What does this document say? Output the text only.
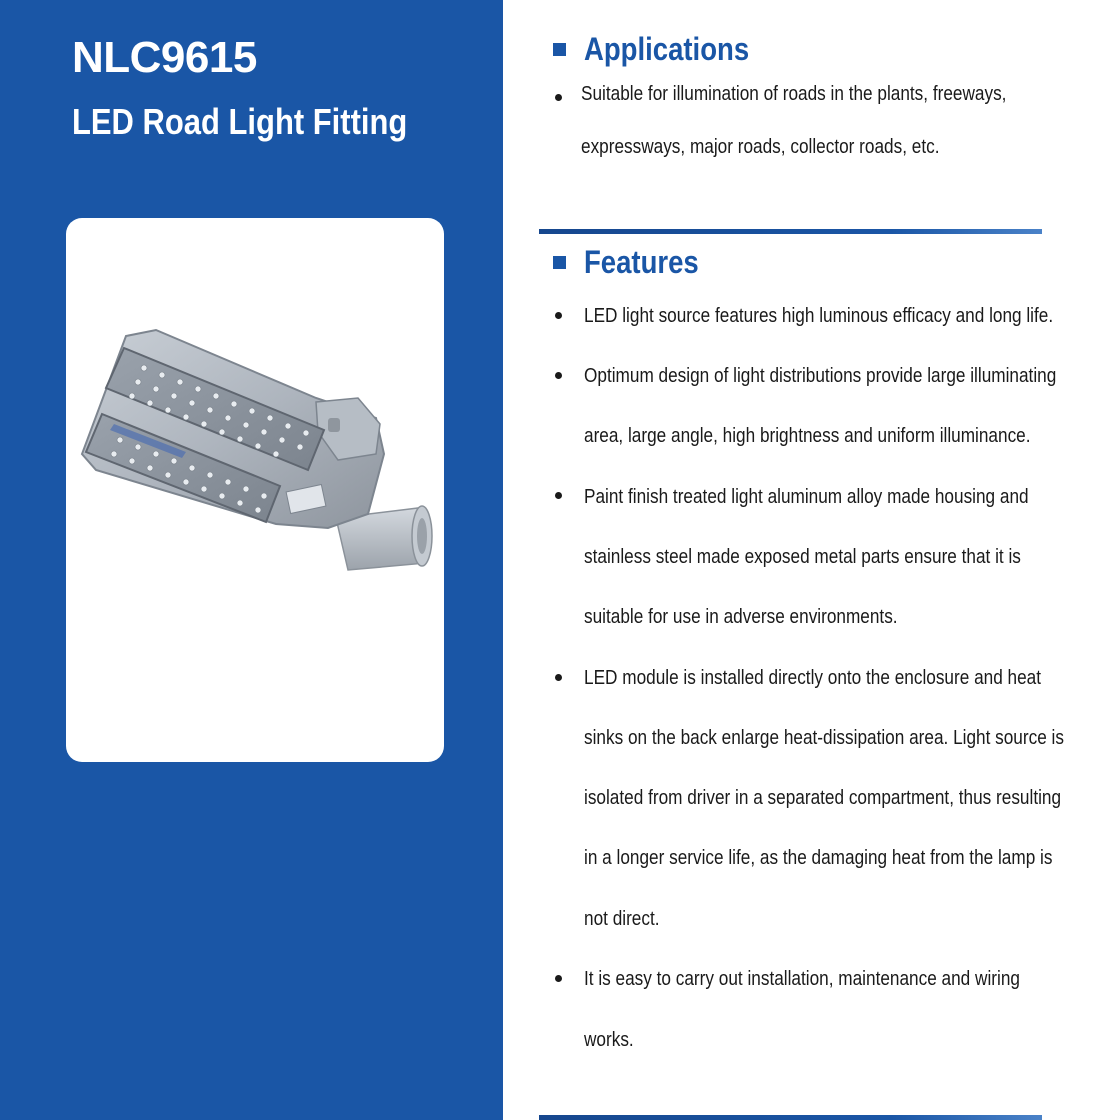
NLC9615
LED Road Light Fitting
Applications
Suitable for illumination of roads in the plants, freeways,
expressways, major roads, collector roads, etc.
Features
LED light source features high luminous efficacy and long life.
Optimum design of light distributions provide large illuminating
area, large angle, high brightness and uniform illuminance.
Paint finish treated light aluminum alloy made housing and
stainless steel made exposed metal parts ensure that it is
suitable for use in adverse environments.
LED module is installed directly onto the enclosure and heat
sinks on the back enlarge heat-dissipation area. Light source is
isolated from driver in a separated compartment, thus resulting
in a longer service life, as the damaging heat from the lamp is
not direct.
It is easy to carry out installation, maintenance and wiring
works.
